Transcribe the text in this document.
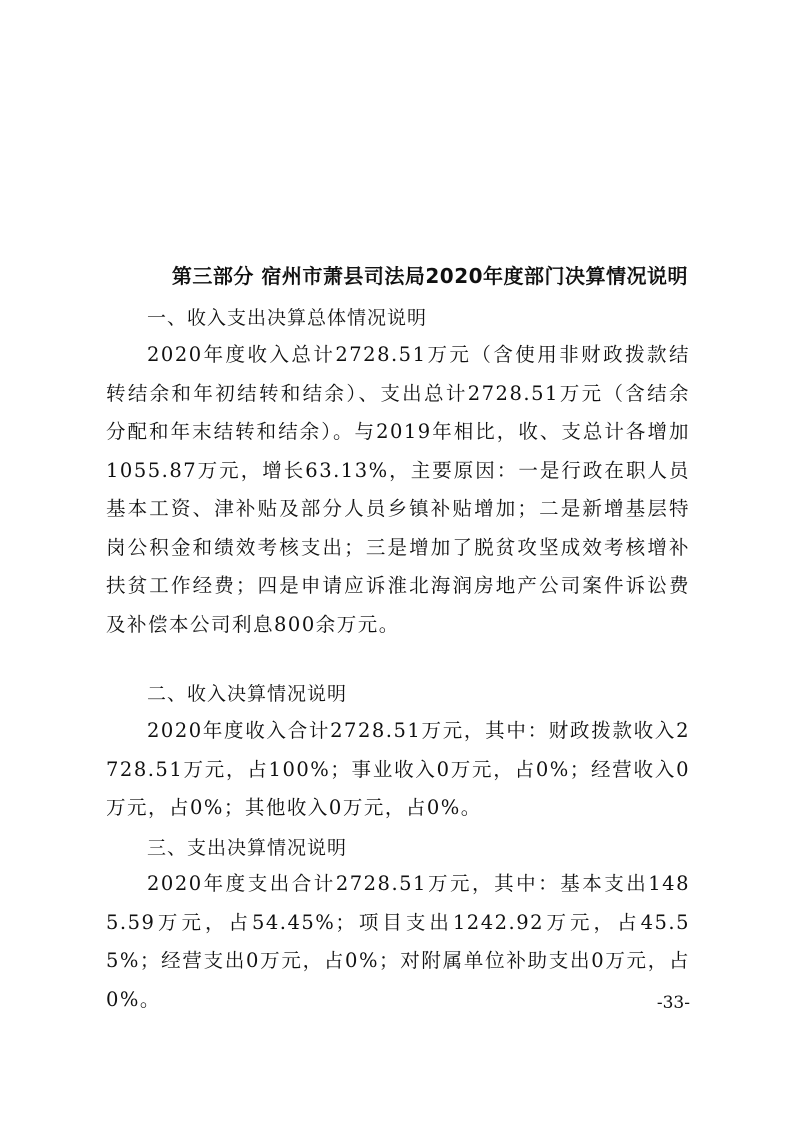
第三部分 宿州市萧县司法局2020年度部门决算情况说明
一、收入支出决算总体情况说明
2020年度收入总计2728.51万元（含使用非财政拨款结转结余和年初结转和结余）、支出总计2728.51万元（含结余分配和年末结转和结余）。与2019年相比，收、支总计各增加1055.87万元，增长63.13%，主要原因：一是行政在职人员基本工资、津补贴及部分人员乡镇补贴增加；二是新增基层特岗公积金和绩效考核支出；三是增加了脱贫攻坚成效考核增补扶贫工作经费；四是申请应诉淮北海润房地产公司案件诉讼费及补偿本公司利息800余万元。
二、收入决算情况说明
2020年度收入合计2728.51万元，其中：财政拨款收入2728.51万元，占100%；事业收入0万元，占0%；经营收入0万元，占0%；其他收入0万元，占0%。
三、支出决算情况说明
2020年度支出合计2728.51万元，其中：基本支出1485.59万元，占54.45%；项目支出1242.92万元，占45.55%；经营支出0万元，占0%；对附属单位补助支出0万元，占0%。	-33-
